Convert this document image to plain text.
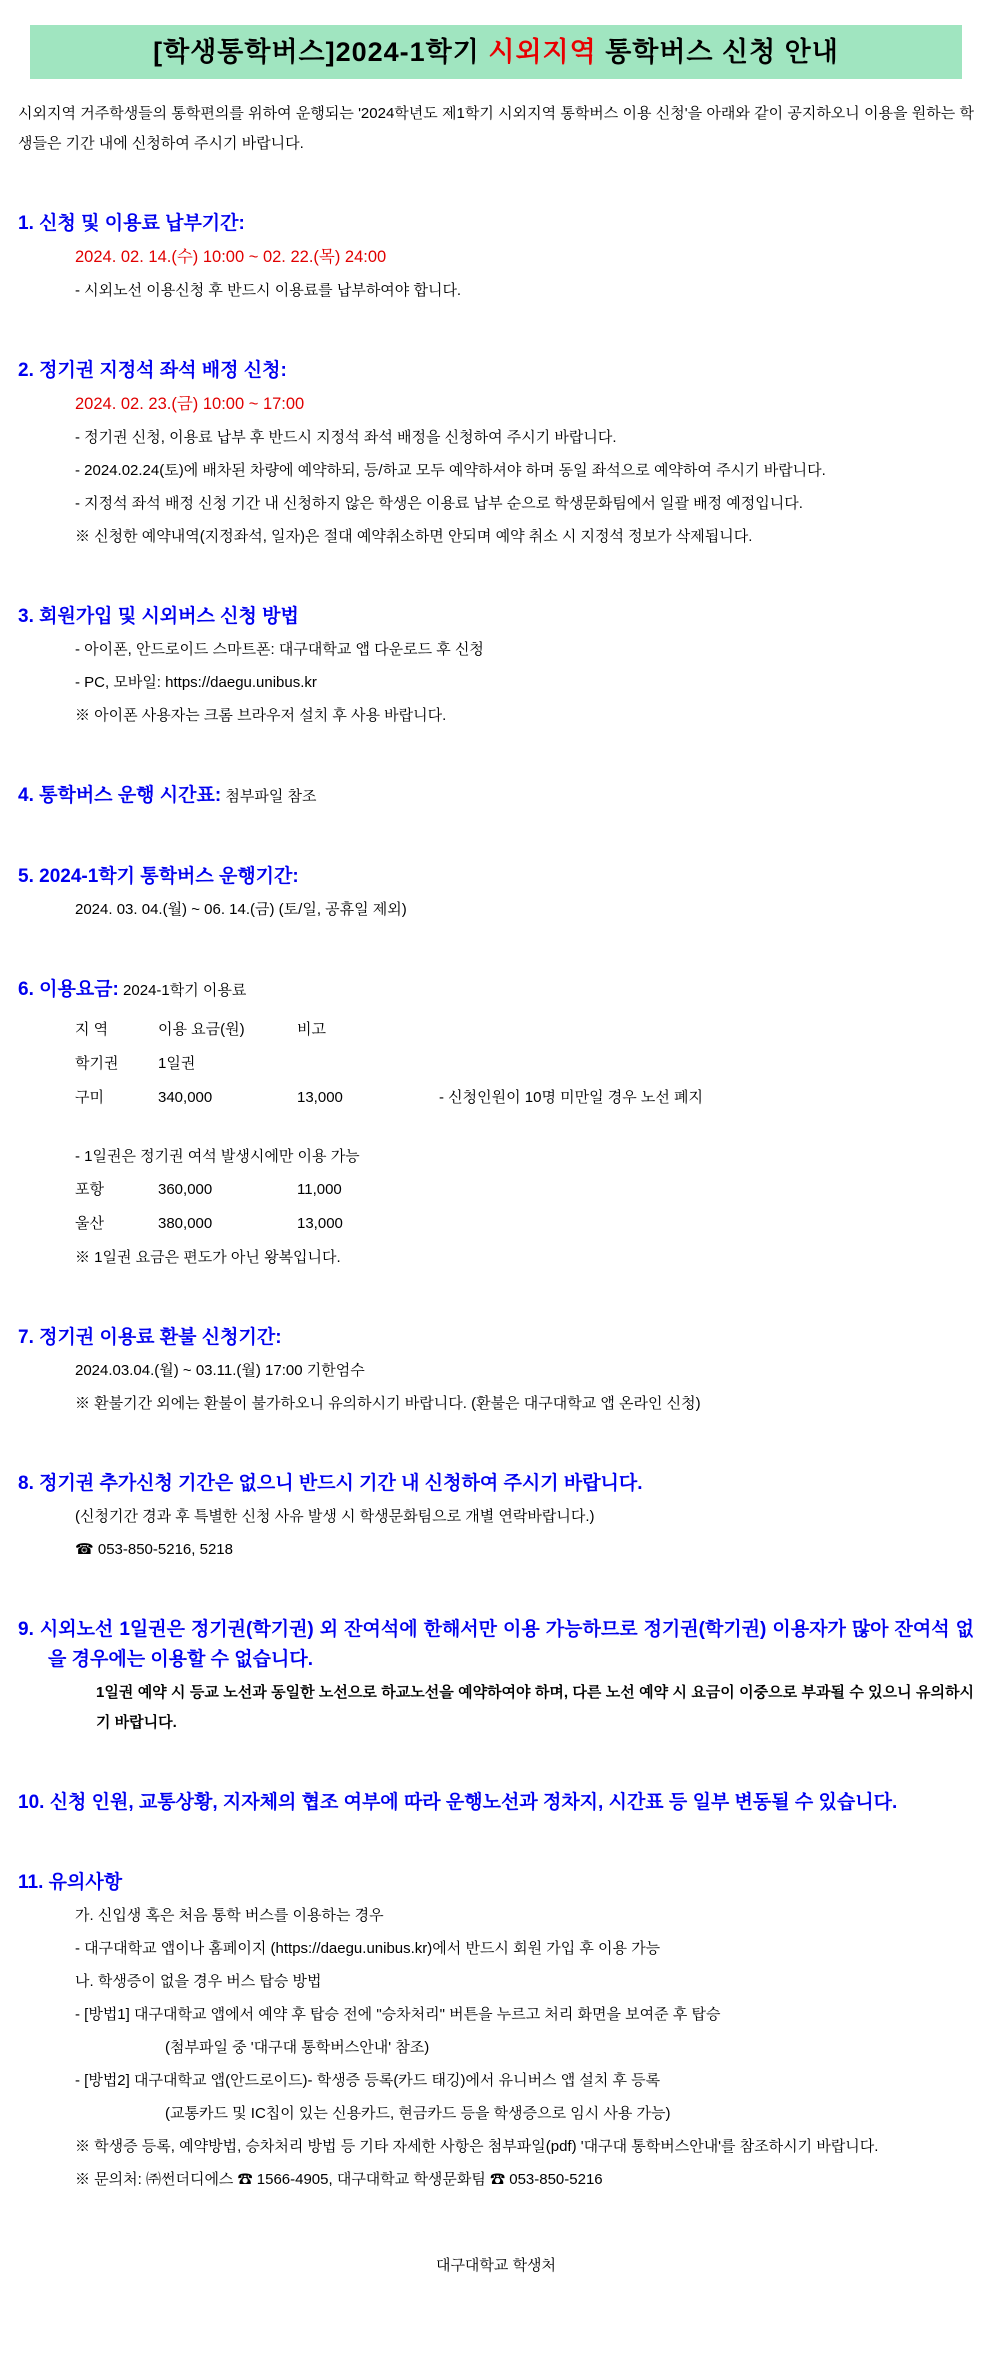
[학생통학버스]2024-1학기 시외지역 통학버스 신청 안내

시외지역 거주학생들의 통학편의를 위하여 운행되는 '2024학년도 제1학기 시외지역 통학버스 이용 신청'을 아래와 같이 공지하오니 이용을 원하는 학생들은 기간 내에 신청하여 주시기 바랍니다.

1. 신청 및 이용료 납부기간:
2024. 02. 14.(수) 10:00 ~ 02. 22.(목) 24:00
- 시외노선 이용신청 후 반드시 이용료를 납부하여야 합니다.
2. 정기권 지정석 좌석 배정 신청:
2024. 02. 23.(금) 10:00 ~ 17:00
- 정기권 신청, 이용료 납부 후 반드시 지정석 좌석 배정을 신청하여 주시기 바랍니다.
- 2024.02.24(토)에 배차된 차량에 예약하되, 등/하교 모두 예약하셔야 하며 동일 좌석으로 예약하여 주시기 바랍니다.
- 지정석 좌석 배정 신청 기간 내 신청하지 않은 학생은 이용료 납부 순으로 학생문화팀에서 일괄 배정 예정입니다.
※ 신청한 예약내역(지정좌석, 일자)은 절대 예약취소하면 안되며 예약 취소 시 지정석 정보가 삭제됩니다.
3. 회원가입 및 시외버스 신청 방법
- 아이폰, 안드로이드 스마트폰: 대구대학교 앱 다운로드 후 신청
- PC, 모바일: https://daegu.unibus.kr
※ 아이폰 사용자는 크롬 브라우저 설치 후 사용 바랍니다.
4. 통학버스 운행 시간표: 첨부파일 참조
5. 2024-1학기 통학버스 운행기간:
2024. 03. 04.(월) ~ 06. 14.(금) (토/일, 공휴일 제외)
6. 이용요금: 2024-1학기 이용료
지 역	이용 요금(원)	비고
학기권	1일권
구미	340,000	13,000	- 신청인원이 10명 미만일 경우 노선 폐지
- 1일권은 정기권 여석 발생시에만 이용 가능
포항	360,000	11,000
울산	380,000	13,000
※ 1일권 요금은 편도가 아닌 왕복입니다.
7. 정기권 이용료 환불 신청기간:
2024.03.04.(월) ~ 03.11.(월) 17:00 기한엄수
※ 환불기간 외에는 환불이 불가하오니 유의하시기 바랍니다. (환불은 대구대학교 앱 온라인 신청)
8. 정기권 추가신청 기간은 없으니 반드시 기간 내 신청하여 주시기 바랍니다.
(신청기간 경과 후 특별한 신청 사유 발생 시 학생문화팀으로 개별 연락바랍니다.)
☎ 053-850-5216, 5218
9. 시외노선 1일권은 정기권(학기권) 외 잔여석에 한해서만 이용 가능하므로 정기권(학기권) 이용자가 많아 잔여석 없을 경우에는 이용할 수 없습니다.
1일권 예약 시 등교 노선과 동일한 노선으로 하교노선을 예약하여야 하며, 다른 노선 예약 시 요금이 이중으로 부과될 수 있으니 유의하시기 바랍니다.
10. 신청 인원, 교통상황, 지자체의 협조 여부에 따라 운행노선과 정차지, 시간표 등 일부 변동될 수 있습니다.
11. 유의사항
가. 신입생 혹은 처음 통학 버스를 이용하는 경우
- 대구대학교 앱이나 홈페이지 (https://daegu.unibus.kr)에서 반드시 회원 가입 후 이용 가능
나. 학생증이 없을 경우 버스 탑승 방법
- [방법1] 대구대학교 앱에서 예약 후 탑승 전에 "승차처리" 버튼을 누르고 처리 화면을 보여준 후 탑승
(첨부파일 중 '대구대 통학버스안내' 참조)
- [방법2] 대구대학교 앱(안드로이드)- 학생증 등록(카드 태깅)에서 유니버스 앱 설치 후 등록
(교통카드 및 IC칩이 있는 신용카드, 현금카드 등을 학생증으로 임시 사용 가능)
※ 학생증 등록, 예약방법, 승차처리 방법 등 기타 자세한 사항은 첨부파일(pdf) '대구대 통학버스안내'를 참조하시기 바랍니다.
※ 문의처: ㈜썬더디에스 ☎ 1566-4905, 대구대학교 학생문화팀 ☎ 053-850-5216
대구대학교 학생처
